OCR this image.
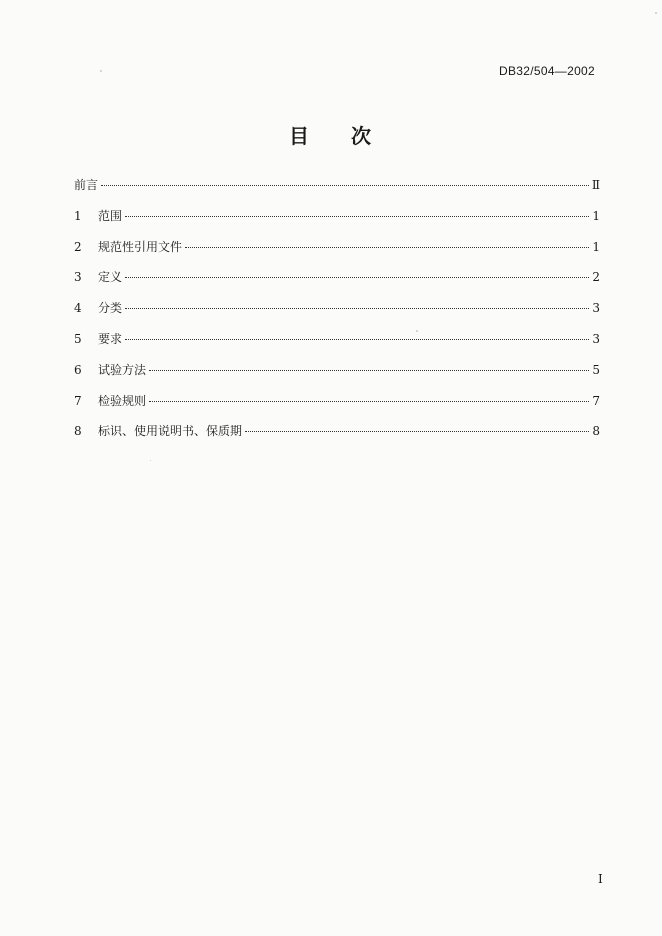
DB32/504—2002
目 次
前言	Ⅱ
1	范围	1
2	规范性引用文件	1
3	定义	2
4	分类	3
5	要求	3
6	试验方法	5
7	检验规则	7
8	标识、使用说明书、保质期	8
I
